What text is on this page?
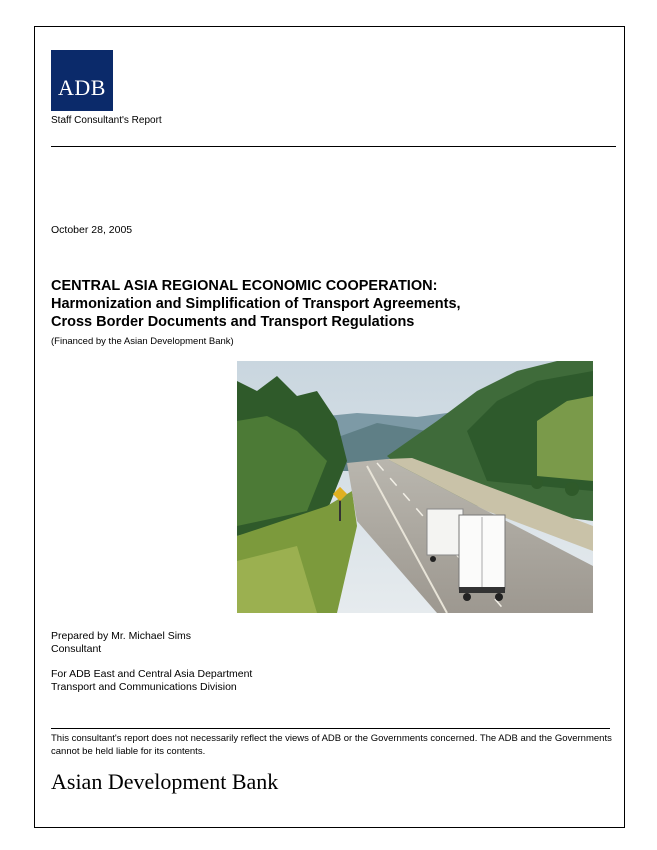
ADB
Staff Consultant's Report
October 28, 2005
CENTRAL ASIA REGIONAL ECONOMIC COOPERATION:
Harmonization and Simplification of Transport Agreements,
Cross Border Documents and Transport Regulations
(Financed by the Asian Development Bank)
Prepared by Mr. Michael Sims
Consultant
For ADB East and Central Asia Department
Transport and Communications Division
This consultant's report does not necessarily reflect the views of ADB or the Governments concerned. The ADB and the Governments cannot be held liable for its contents.
Asian Development Bank
